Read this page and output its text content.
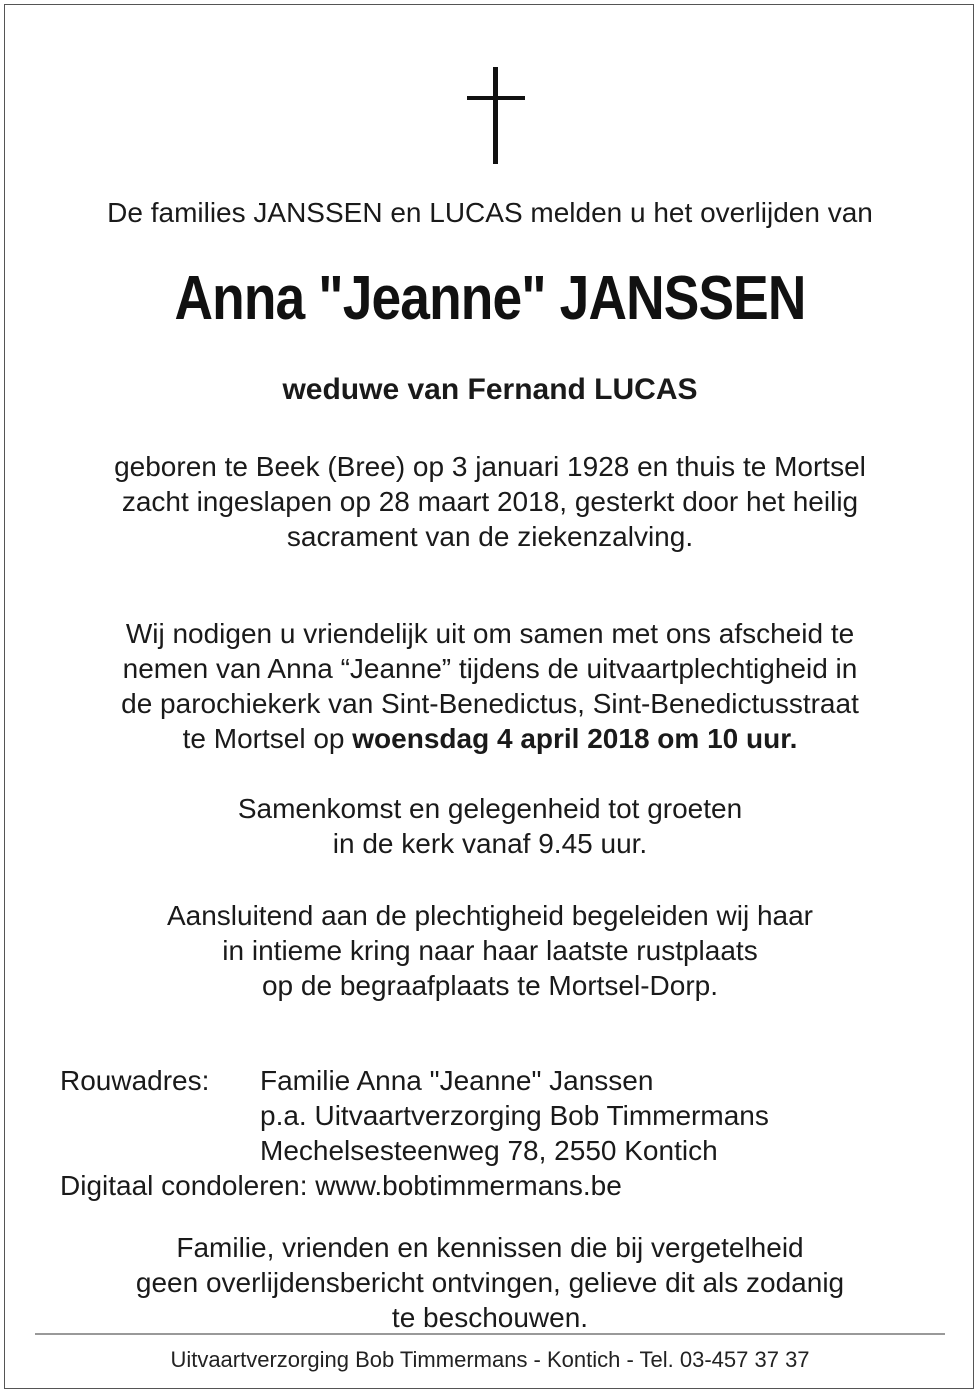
De families JANSSEN en LUCAS melden u het overlijden van
Anna "Jeanne" JANSSEN
weduwe van Fernand LUCAS
geboren te Beek (Bree) op 3 januari 1928 en thuis te Mortsel
zacht ingeslapen op 28 maart 2018, gesterkt door het heilig
sacrament van de ziekenzalving.
Wij nodigen u vriendelijk uit om samen met ons afscheid te
nemen van Anna “Jeanne” tijdens de uitvaartplechtigheid in
de parochiekerk van Sint-Benedictus, Sint-Benedictusstraat
te Mortsel op woensdag 4 april 2018 om 10 uur.
Samenkomst en gelegenheid tot groeten
in de kerk vanaf 9.45 uur.
Aansluitend aan de plechtigheid begeleiden wij haar
in intieme kring naar haar laatste rustplaats
op de begraafplaats te Mortsel-Dorp.
Rouwadres: Familie Anna "Jeanne" Janssen
p.a. Uitvaartverzorging Bob Timmermans
Mechelsesteenweg 78, 2550 Kontich
Digitaal condoleren: www.bobtimmermans.be
Familie, vrienden en kennissen die bij vergetelheid
geen overlijdensbericht ontvingen, gelieve dit als zodanig
te beschouwen.
Uitvaartverzorging Bob Timmermans - Kontich - Tel. 03-457 37 37
